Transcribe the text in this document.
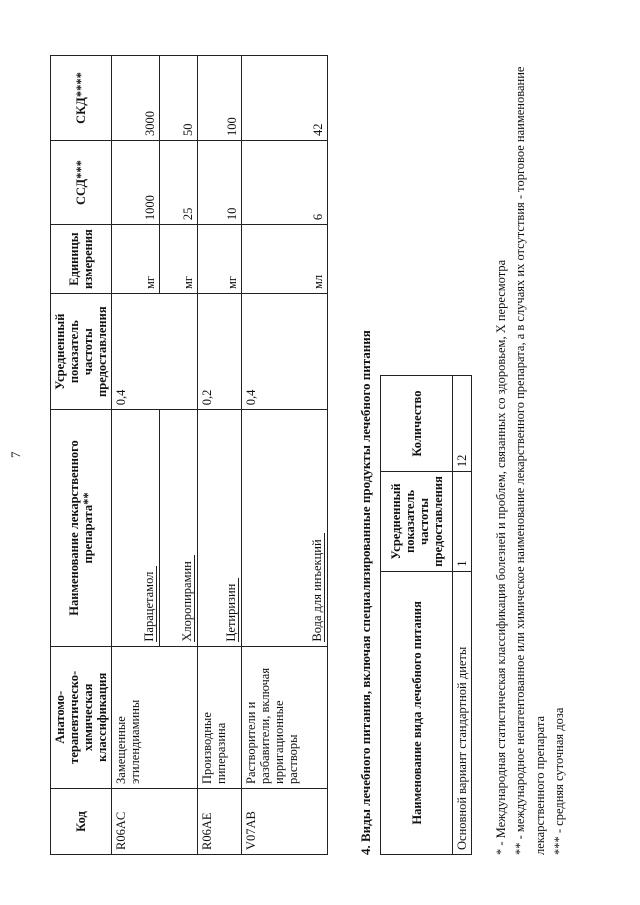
7
Код	Анатомо-терапевтическо-химическая классификация	Наименование лекарственного препарата**	Усредненный показатель частоты предоставления	Единицы измерения	ССД***	СКД****
R06AC	Замещенные этилендиамины	Парацетамол	0,4	мг	1000	3000
		Хлоропирамин		мг	25	50
R06AE	Производные пиперазина	Цетиризин	0,2	мг	10	100
V07AB	Растворители и разбавители, включая ирригационные растворы	Вода для инъекций	0,4	мл	6	42
4. Виды лечебного питания, включая специализированные продукты лечебного питания	Наименование вида лечебного питания	Усредненный показатель частоты предоставления	Количество
Основной вариант стандартной диеты	1	12 * - Международная статистическая классификация болезней и проблем, связанных со здоровьем, X пересмотра ** - международное непатентованное или химическое наименование лекарственного препарата, а в случаях их отсутствия - торговое наименование лекарственного препарата *** - средняя суточная доза
